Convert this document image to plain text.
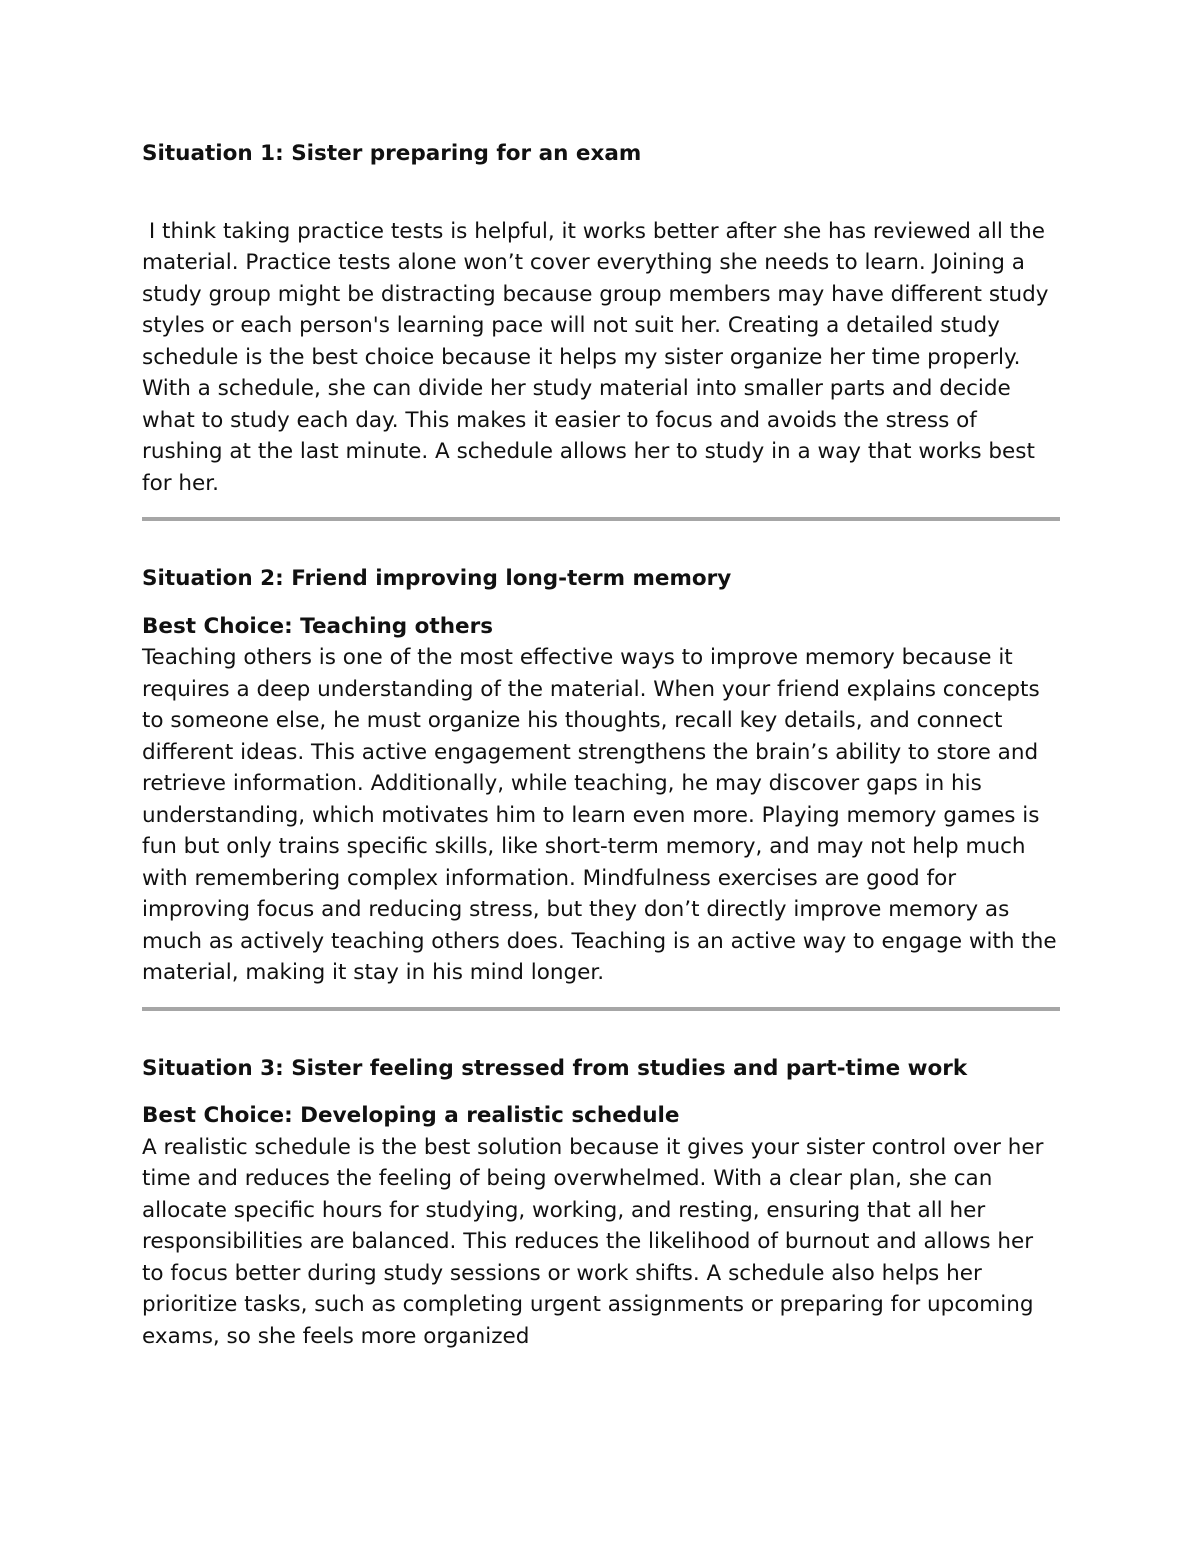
Situation 1: Sister preparing for an exam

I think taking practice tests is helpful, it works better after she has reviewed all the material. Practice tests alone won’t cover everything she needs to learn. Joining a study group might be distracting because group members may have different study styles or each person's learning pace will not suit her. Creating a detailed study schedule is the best choice because it helps my sister organize her time properly. With a schedule, she can divide her study material into smaller parts and decide what to study each day. This makes it easier to focus and avoids the stress of rushing at the last minute. A schedule allows her to study in a way that works best for her.

Situation 2: Friend improving long-term memory
Best Choice: Teaching others

Teaching others is one of the most effective ways to improve memory because it requires a deep understanding of the material. When your friend explains concepts to someone else, he must organize his thoughts, recall key details, and connect different ideas. This active engagement strengthens the brain’s ability to store and retrieve information. Additionally, while teaching, he may discover gaps in his understanding, which motivates him to learn even more. Playing memory games is fun but only trains specific skills, like short-term memory, and may not help much with remembering complex information. Mindfulness exercises are good for improving focus and reducing stress, but they don’t directly improve memory as much as actively teaching others does. Teaching is an active way to engage with the material, making it stay in his mind longer.

Situation 3: Sister feeling stressed from studies and part-time work
Best Choice: Developing a realistic schedule

A realistic schedule is the best solution because it gives your sister control over her time and reduces the feeling of being overwhelmed. With a clear plan, she can allocate specific hours for studying, working, and resting, ensuring that all her responsibilities are balanced. This reduces the likelihood of burnout and allows her to focus better during study sessions or work shifts. A schedule also helps her prioritize tasks, such as completing urgent assignments or preparing for upcoming exams, so she feels more organized
